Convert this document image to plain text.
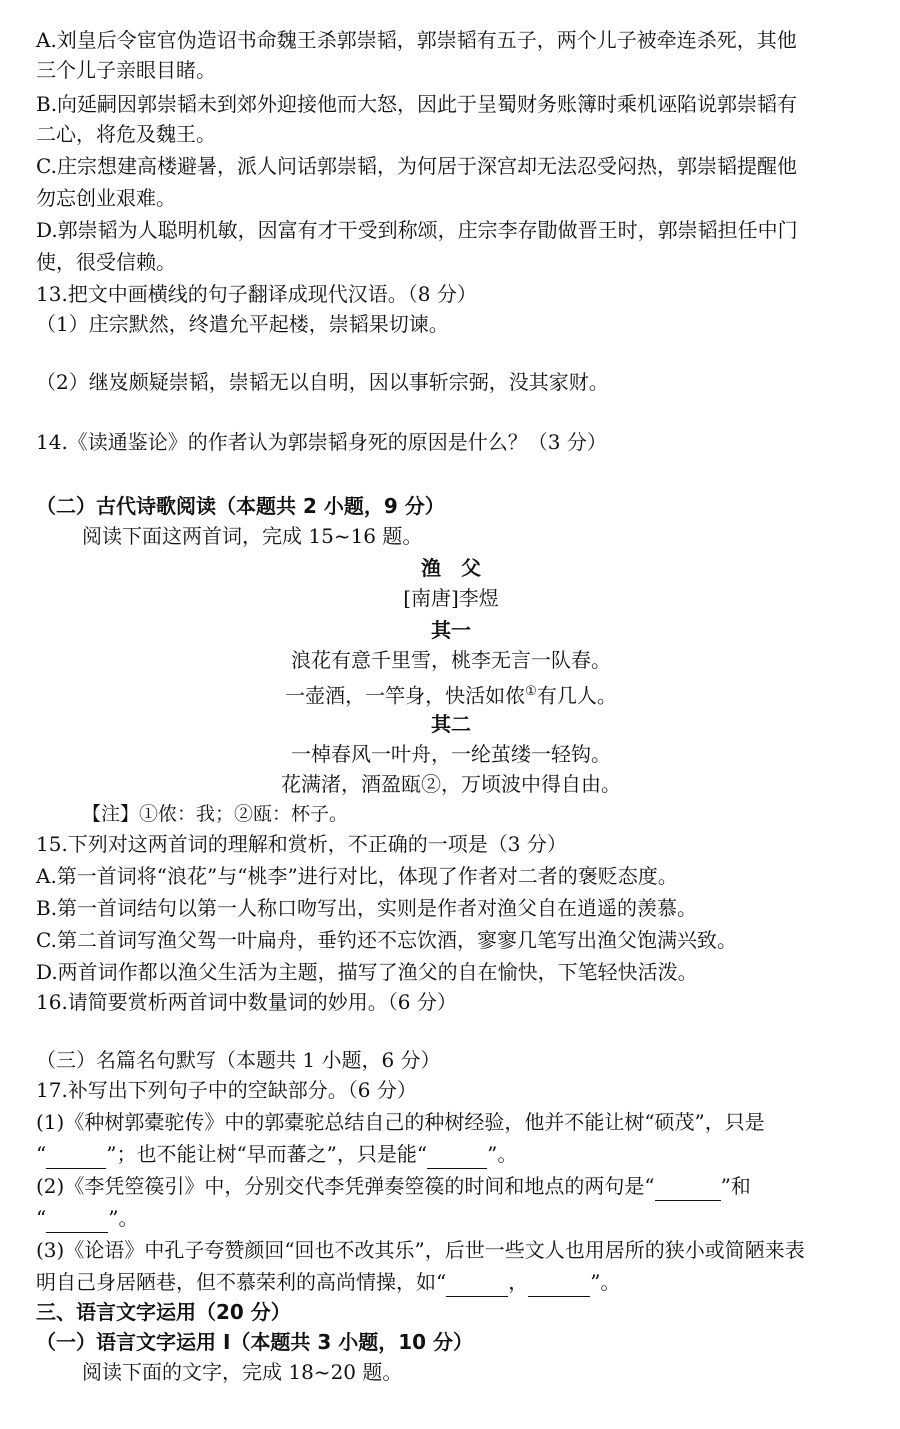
A.刘皇后令宦官伪造诏书命魏王杀郭崇韬，郭崇韬有五子，两个儿子被牵连杀死，其他
三个儿子亲眼目睹。
B.向延嗣因郭崇韬未到郊外迎接他而大怒，因此于呈蜀财务账簿时乘机诬陷说郭崇韬有
二心，将危及魏王。
C.庄宗想建高楼避暑，派人问话郭崇韬，为何居于深宫却无法忍受闷热，郭崇韬提醒他
勿忘创业艰难。
D.郭崇韬为人聪明机敏，因富有才干受到称颂，庄宗李存勖做晋王时，郭崇韬担任中门
使，很受信赖。
13.把文中画横线的句子翻译成现代汉语。（8 分）
（1）庄宗默然，终遣允平起楼，崇韬果切谏。
（2）继岌颇疑崇韬，崇韬无以自明，因以事斩宗弼，没其家财。
14.《读通鉴论》的作者认为郭崇韬身死的原因是什么？（3 分）
（二）古代诗歌阅读（本题共 2 小题，9 分）
阅读下面这两首词，完成 15~16 题。
渔　父
[南唐]李煜
其一
浪花有意千里雪，桃李无言一队春。
一壶酒，一竿身，快活如侬①有几人。
其二
一棹春风一叶舟，一纶茧缕一轻钩。
花满渚，酒盈瓯②，万顷波中得自由。
【注】①侬：我；②瓯：杯子。
15.下列对这两首词的理解和赏析，不正确的一项是（3 分）
A.第一首词将“浪花”与“桃李”进行对比，体现了作者对二者的褒贬态度。
B.第一首词结句以第一人称口吻写出，实则是作者对渔父自在逍遥的羡慕。
C.第二首词写渔父驾一叶扁舟，垂钓还不忘饮酒，寥寥几笔写出渔父饱满兴致。
D.两首词作都以渔父生活为主题，描写了渔父的自在愉快，下笔轻快活泼。
16.请简要赏析两首词中数量词的妙用。（6 分）
（三）名篇名句默写（本题共 1 小题，6 分）
17.补写出下列句子中的空缺部分。（6 分）
(1)《种树郭橐驼传》中的郭橐驼总结自己的种树经验，他并不能让树“硕茂”，只是
“	”；也不能让树“早而蕃之”，只是能“	”。
(2)《李凭箜篌引》中，分别交代李凭弹奏箜篌的时间和地点的两句是“	”和
“	”。
(3)《论语》中孔子夸赞颜回“回也不改其乐”，后世一些文人也用居所的狭小或简陋来表
明自己身居陋巷，但不慕荣利的高尚情操，如“	，	”。
三、语言文字运用（20 分）
（一）语言文字运用 I（本题共 3 小题，10 分）
阅读下面的文字，完成 18~20 题。
